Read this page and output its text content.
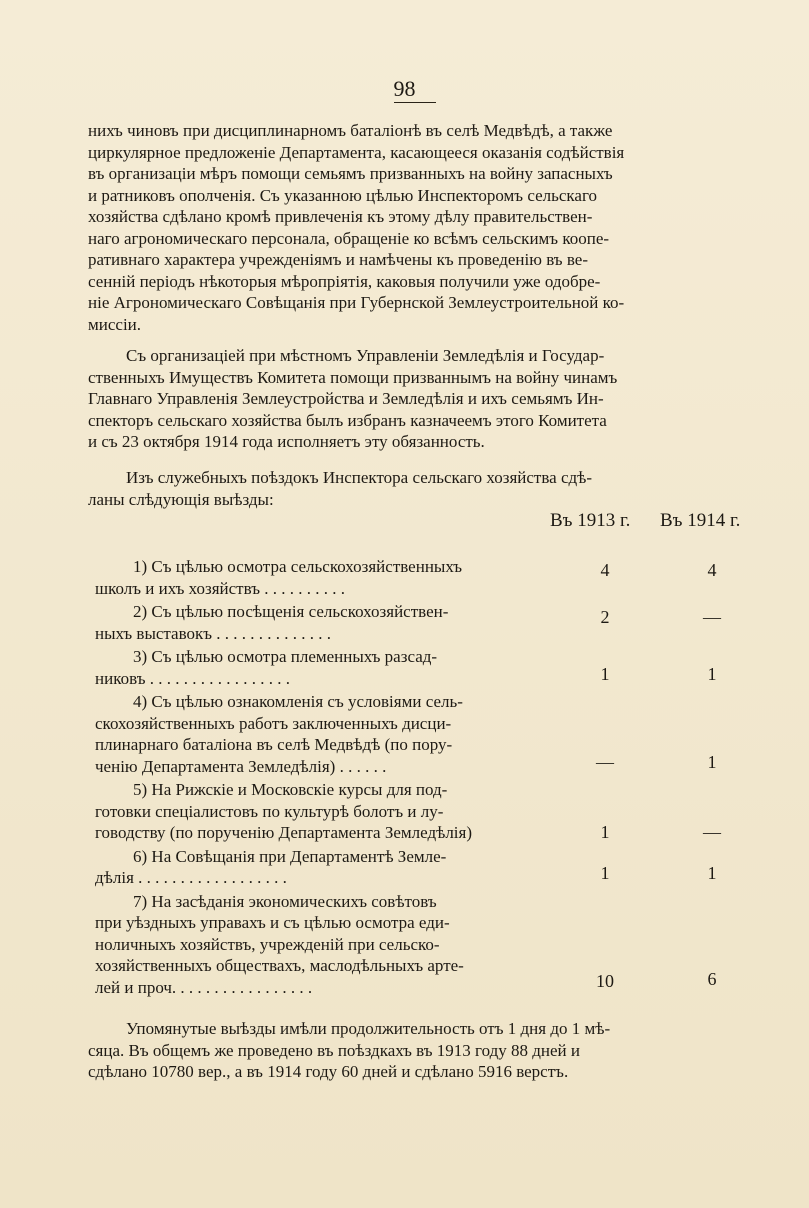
98
нихъ чиновъ при дисциплинарномъ баталіонѣ въ селѣ Медвѣдѣ, а также
циркулярное предложеніе Департамента, касающееся оказанія содѣйствія
въ организаціи мѣръ помощи семьямъ призванныхъ на войну запасныхъ
и ратниковъ ополченія. Съ указанною цѣлью Инспекторомъ сельскаго
хозяйства сдѣлано кромѣ привлеченія къ этому дѣлу правительствен-
наго агрономическаго персонала, обращеніе ко всѣмъ сельскимъ коопе-
ративнаго характера учрежденіямъ и намѣчены къ проведенію въ ве-
сенній періодъ нѣкоторыя мѣропріятія, каковыя получили уже одобре-
ніе Агрономическаго Совѣщанія при Губернской Землеустроительной ко-
миссіи.
Съ организаціей при мѣстномъ Управленіи Земледѣлія и Государ-
ственныхъ Имуществъ Комитета помощи призваннымъ на войну чинамъ
Главнаго Управленія Землеустройства и Земледѣлія и ихъ семьямъ Ин-
спекторъ сельскаго хозяйства былъ избранъ казначеемъ этого Комитета
и съ 23 октября 1914 года исполняетъ эту обязанность.
Изъ служебныхъ поѣздокъ Инспектора сельскаго хозяйства сдѣ-
ланы слѣдующія выѣзды:
Въ 1913 г. Въ 1914 г.
1) Съ цѣлью осмотра сельскохозяйственныхъ
школъ и ихъ хозяйствъ . . . . . . . . . .
4	4
2) Съ цѣлью посѣщенія сельскохозяйствен-
ныхъ выставокъ . . . . . . . . . . . . . .
2	—
3) Съ цѣлью осмотра племенныхъ разсад-
никовъ . . . . . . . . . . . . . . . . .	1	1
4) Съ цѣлью ознакомленія съ условіями сель-
скохозяйственныхъ работъ заключенныхъ дисци-
плинарнаго баталіона въ селѣ Медвѣдѣ (по пору-
ченію Департамента Земледѣлія) . . . . . .	—	1
5) На Рижскіе и Московскіе курсы для под-
готовки спеціалистовъ по культурѣ болотъ и лу-
говодству (по порученію Департамента Земледѣлія)	1	—
6) На Совѣщанія при Департаментѣ Земле-
дѣлія . . . . . . . . . . . . . . . . . .	1	1
7) На засѣданія экономическихъ совѣтовъ
при уѣздныхъ управахъ и съ цѣлью осмотра еди-
ноличныхъ хозяйствъ, учрежденій при сельско-
хозяйственныхъ обществахъ, маслодѣльныхъ арте-
лей и проч. . . . . . . . . . . . . . . . .	10	6
Упомянутые выѣзды имѣли продолжительность отъ 1 дня до 1 мѣ-
сяца. Въ общемъ же проведено въ поѣздкахъ въ 1913 году 88 дней и
сдѣлано 10780 вер., а въ 1914 году 60 дней и сдѣлано 5916 верстъ.
